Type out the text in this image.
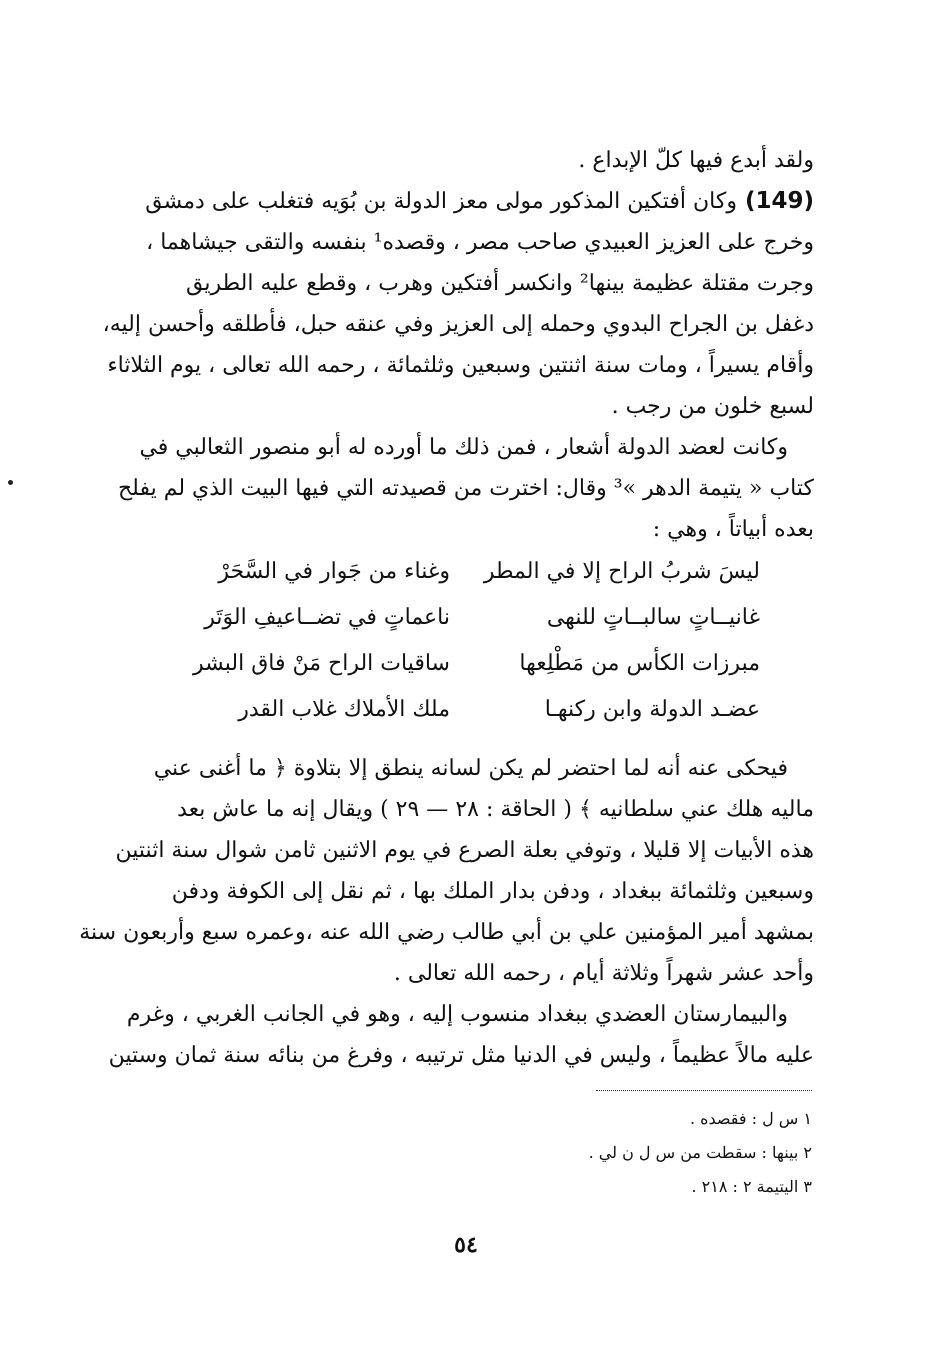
ولقد أبدع فيها كلّ الإبداع .

(149)وكان أفتكين المذكور مولى معز الدولة بن بُوَيه فتغلب على دمشق
وخرج على العزيز العبيدي صاحب مصر ، وقصده¹ بنفسه والتقى جيشاهما ،
وجرت مقتلة عظيمة بينها² وانكسر أفتكين وهرب ، وقطع عليه الطريق
دغفل بن الجراح البدوي وحمله إلى العزيز وفي عنقه حبل، فأطلقه وأحسن إليه،
وأقام يسيراً ، ومات سنة اثنتين وسبعين وثلثمائة ، رحمه الله تعالى ، يوم الثلاثاء
لسبع خلون من رجب .

وكانت لعضد الدولة أشعار ، فمن ذلك ما أورده له أبو منصور الثعالبي في
كتاب « يتيمة الدهر »³ وقال: اخترت من قصيدته التي فيها البيت الذي لم يفلح
بعده أبياتاً ، وهي :

ليسَ شربُ الراح إلا في المطر
وغناء من جَوار في السَّحَرْ
غانيــاتٍ سالبــاتٍ للنهى
ناعماتٍ في تضــاعيفِ الوَتَر
مبرزات الكأس من مَطْلِعها
ساقيات الراح مَنْ فاق البشر
عضـد الدولة وابن ركنهـا
ملك الأملاك غلاب القدر

فيحكى عنه أنه لما احتضر لم يكن لسانه ينطق إلا بتلاوة ﴿ ما أغنى عني
ماليه هلك عني سلطانيه ﴾ ( الحاقة : ٢٨ — ٢٩ ) ويقال إنه ما عاش بعد
هذه الأبيات إلا قليلا ، وتوفي بعلة الصرع في يوم الاثنين ثامن شوال سنة اثنتين
وسبعين وثلثمائة ببغداد ، ودفن بدار الملك بها ، ثم نقل إلى الكوفة ودفن
بمشهد أمير المؤمنين علي بن أبي طالب رضي الله عنه ،وعمره سبع وأربعون سنة
وأحد عشر شهراً وثلاثة أيام ، رحمه الله تعالى .

والبيمارستان العضدي ببغداد منسوب إليه ، وهو في الجانب الغربي ، وغرم
عليه مالاً عظيماً ، وليس في الدنيا مثل ترتيبه ، وفرغ من بنائه سنة ثمان وستين

١ س ل : فقصده .
٢ بينها : سقطت من س ل ن لي .
٣ اليتيمة ٢ : ٢١٨ .
٥٤
